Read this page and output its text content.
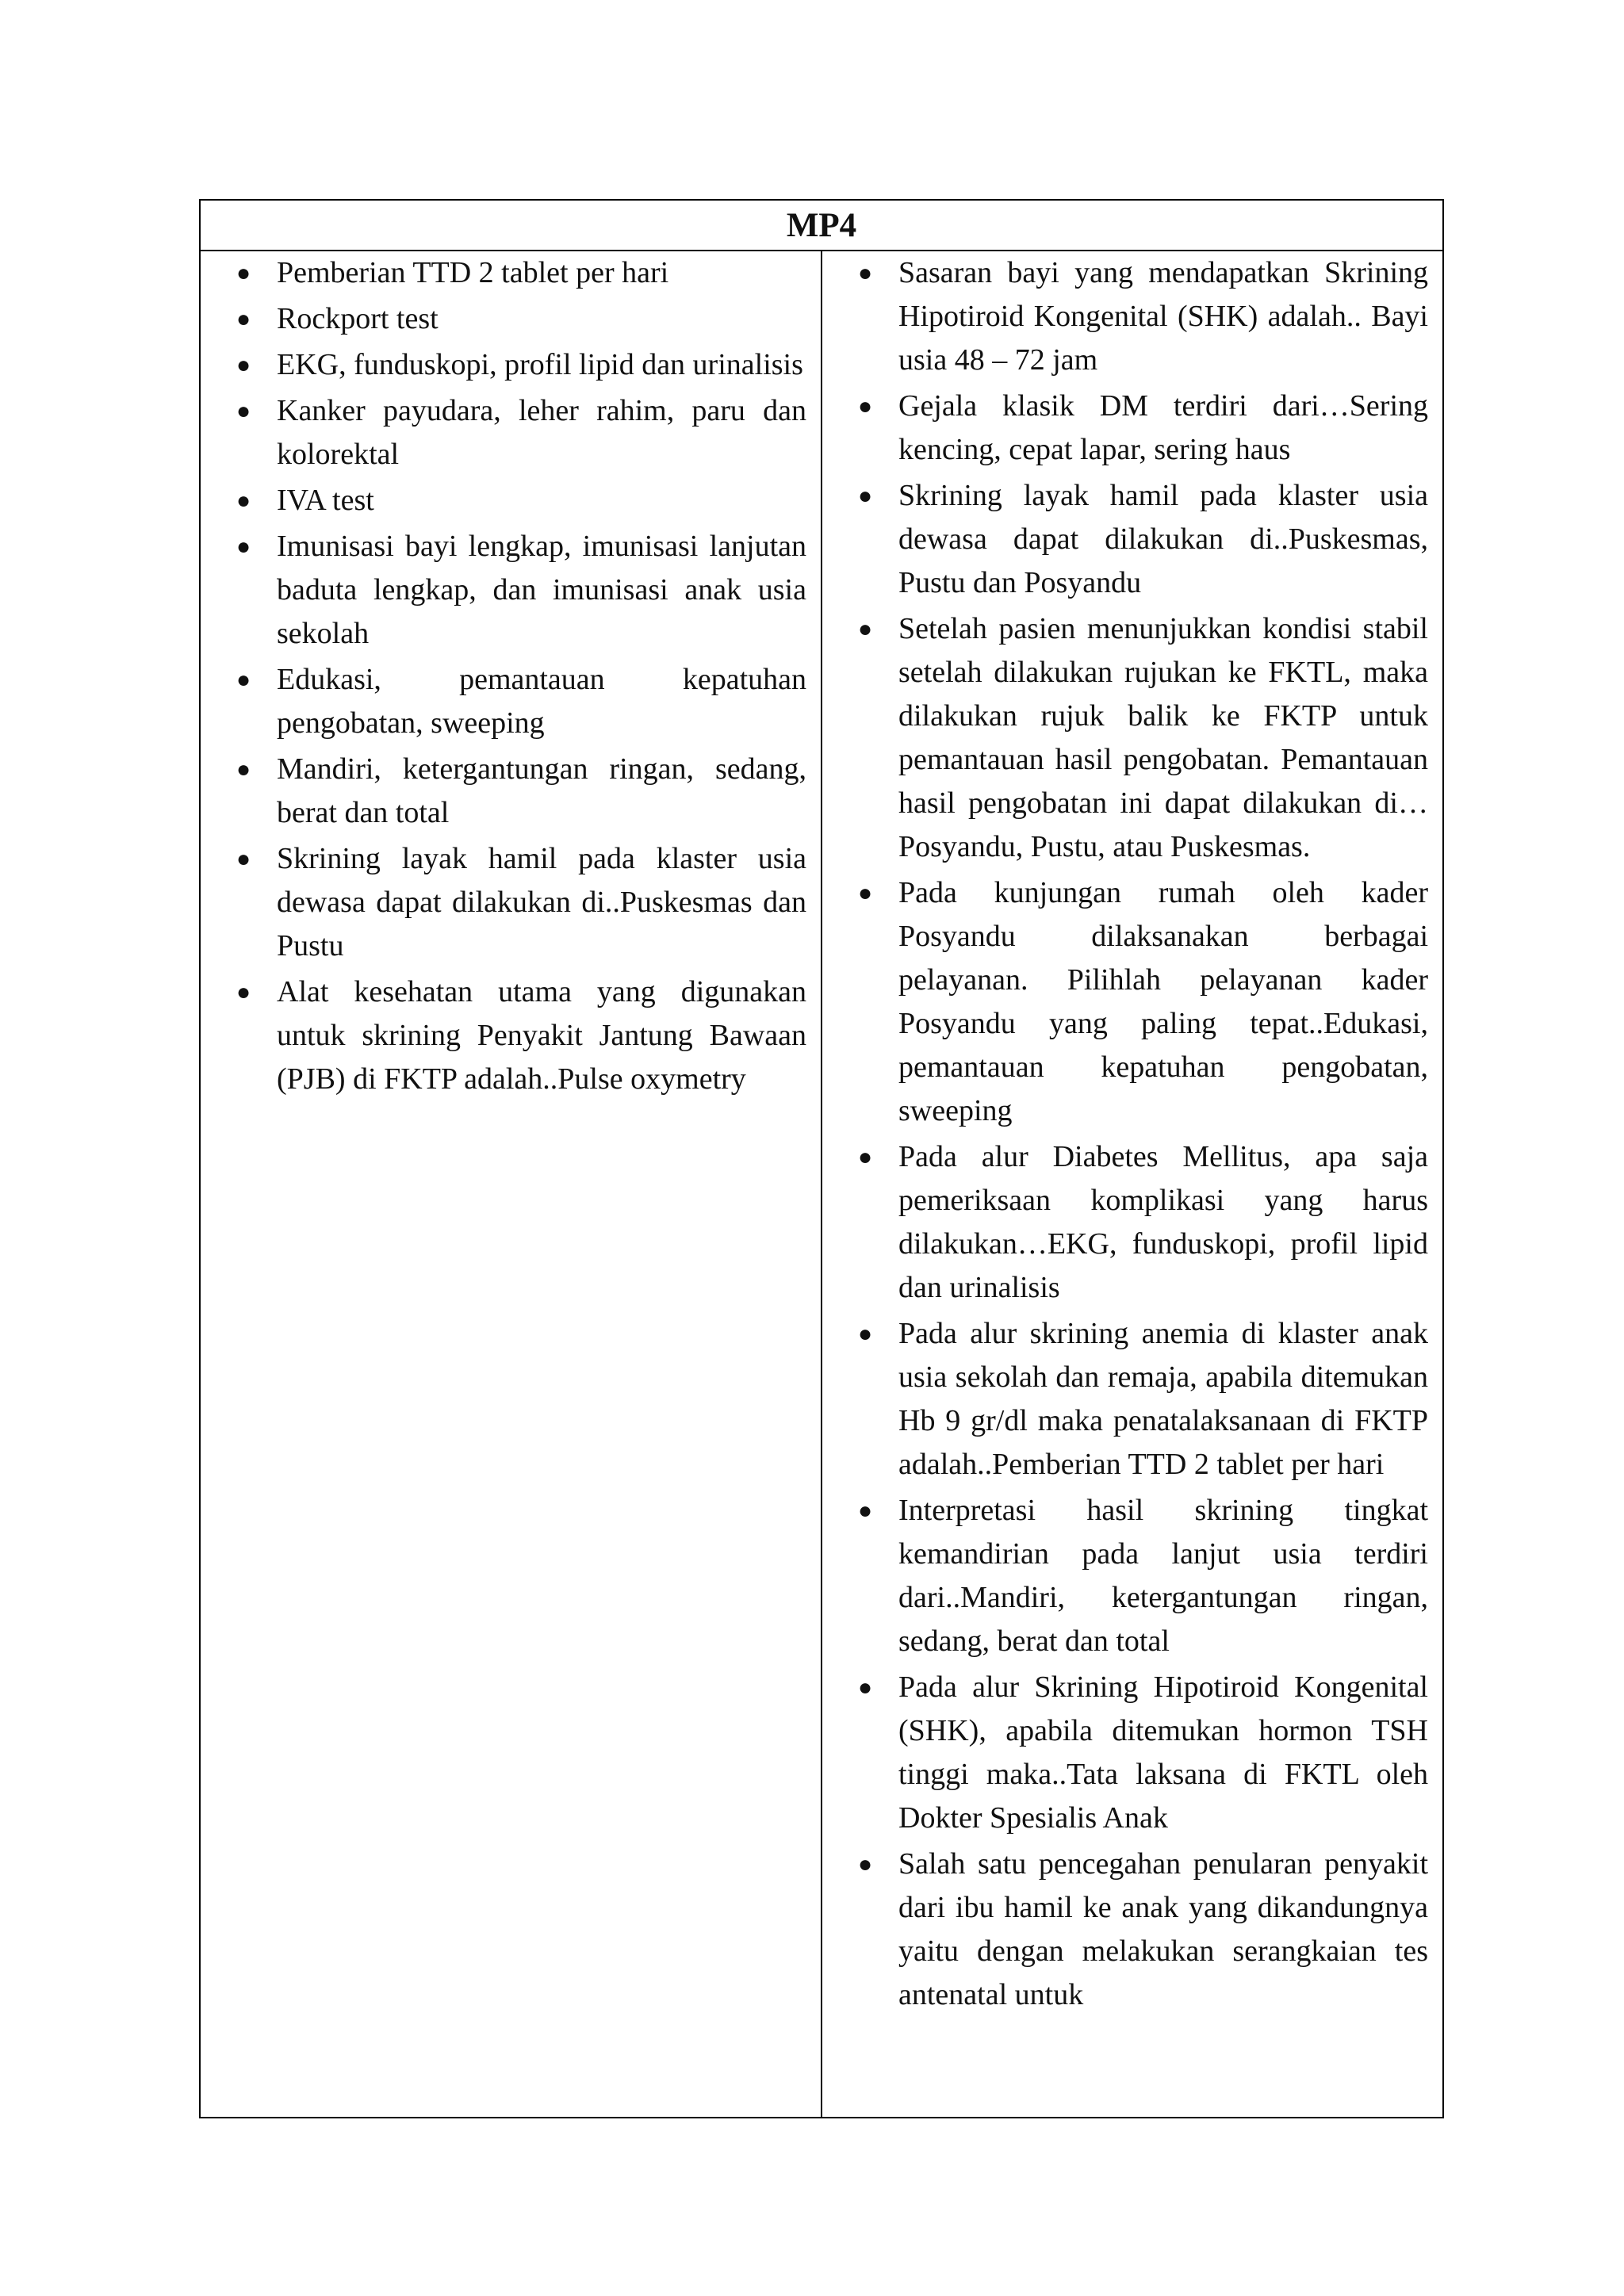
MP4
● Pemberian TTD 2 tablet per hari
● Rockport test
● EKG, funduskopi, profil lipid dan urinalisis
● Kanker payudara, leher rahim, paru dan kolorektal
● IVA test
● Imunisasi bayi lengkap, imunisasi lanjutan baduta lengkap, dan imunisasi anak usia sekolah
● Edukasi, pemantauan kepatuhan pengobatan, sweeping
● Mandiri, ketergantungan ringan, sedang, berat dan total
● Skrining layak hamil pada klaster usia dewasa dapat dilakukan di..Puskesmas dan Pustu
● Alat kesehatan utama yang digunakan untuk skrining Penyakit Jantung Bawaan (PJB) di FKTP adalah..Pulse oxymetry
● Sasaran bayi yang mendapatkan Skrining Hipotiroid Kongenital (SHK) adalah.. Bayi usia 48 – 72 jam
● Gejala klasik DM terdiri dari…Sering kencing, cepat lapar, sering haus
● Skrining layak hamil pada klaster usia dewasa dapat dilakukan di..Puskesmas, Pustu dan Posyandu
● Setelah pasien menunjukkan kondisi stabil setelah dilakukan rujukan ke FKTL, maka dilakukan rujuk balik ke FKTP untuk pemantauan hasil pengobatan. Pemantauan hasil pengobatan ini dapat dilakukan di…Posyandu, Pustu, atau Puskesmas.
● Pada kunjungan rumah oleh kader Posyandu dilaksanakan berbagai pelayanan. Pilihlah pelayanan kader Posyandu yang paling tepat..Edukasi, pemantauan kepatuhan pengobatan, sweeping
● Pada alur Diabetes Mellitus, apa saja pemeriksaan komplikasi yang harus dilakukan…EKG, funduskopi, profil lipid dan urinalisis
● Pada alur skrining anemia di klaster anak usia sekolah dan remaja, apabila ditemukan Hb 9 gr/dl maka penatalaksanaan di FKTP adalah..Pemberian TTD 2 tablet per hari
● Interpretasi hasil skrining tingkat kemandirian pada lanjut usia terdiri dari..Mandiri, ketergantungan ringan, sedang, berat dan total
● Pada alur Skrining Hipotiroid Kongenital (SHK), apabila ditemukan hormon TSH tinggi maka..Tata laksana di FKTL oleh Dokter Spesialis Anak
● Salah satu pencegahan penularan penyakit dari ibu hamil ke anak yang dikandungnya yaitu dengan melakukan serangkaian tes antenatal untuk
